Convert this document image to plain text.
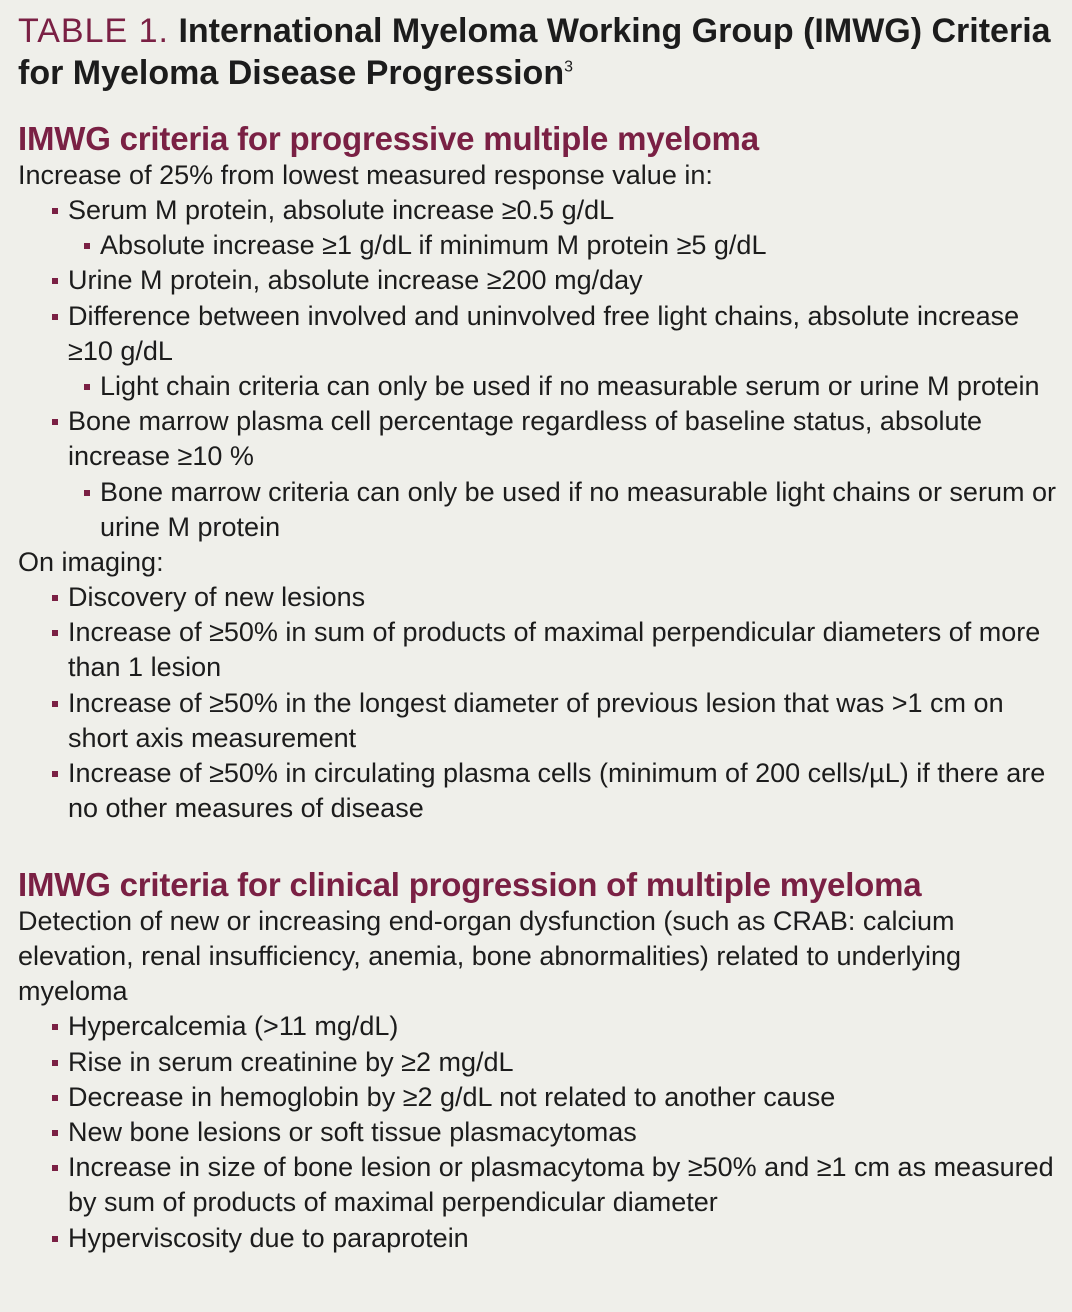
TABLE 1. International Myeloma Working Group (IMWG) Criteria for Myeloma Disease Progression$^3$
IMWG criteria for progressive multiple myeloma

Increase of 25% from lowest measured response value in:

Serum M protein, absolute increase ≥0.5 g/dL
Absolute increase ≥1 g/dL if minimum M protein ≥5 g/dL
Urine M protein, absolute increase ≥200 mg/day
Difference between involved and uninvolved free light chains, absolute increase ≥10 g/dL
Light chain criteria can only be used if no measurable serum or urine M protein
Bone marrow plasma cell percentage regardless of baseline status, absolute increase ≥10 %
Bone marrow criteria can only be used if no measurable light chains or serum or urine M protein

On imaging:

Discovery of new lesions
Increase of ≥50% in sum of products of maximal perpendicular diameters of more than 1 lesion
Increase of ≥50% in the longest diameter of previous lesion that was >1 cm on short axis measurement
Increase of ≥50% in circulating plasma cells (minimum of 200 cells/µL) if there are no other measures of disease
IMWG criteria for clinical progression of multiple myeloma

Detection of new or increasing end-organ dysfunction (such as CRAB: calcium elevation, renal insufficiency, anemia, bone abnormalities) related to underlying myeloma

Hypercalcemia (>11 mg/dL)
Rise in serum creatinine by ≥2 mg/dL
Decrease in hemoglobin by ≥2 g/dL not related to another cause
New bone lesions or soft tissue plasmacytomas
Increase in size of bone lesion or plasmacytoma by ≥50% and ≥1 cm as measured by sum of products of maximal perpendicular diameter
Hyperviscosity due to paraprotein
